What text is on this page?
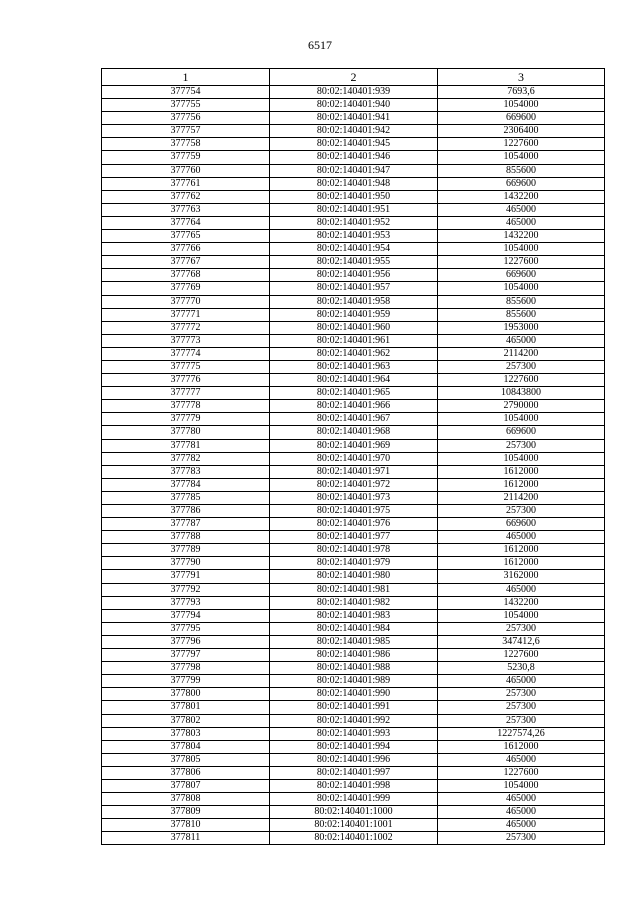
6517
1	2	3
377754	80:02:140401:939	7693,6
377755	80:02:140401:940	1054000
377756	80:02:140401:941	669600
377757	80:02:140401:942	2306400
377758	80:02:140401:945	1227600
377759	80:02:140401:946	1054000
377760	80:02:140401:947	855600
377761	80:02:140401:948	669600
377762	80:02:140401:950	1432200
377763	80:02:140401:951	465000
377764	80:02:140401:952	465000
377765	80:02:140401:953	1432200
377766	80:02:140401:954	1054000
377767	80:02:140401:955	1227600
377768	80:02:140401:956	669600
377769	80:02:140401:957	1054000
377770	80:02:140401:958	855600
377771	80:02:140401:959	855600
377772	80:02:140401:960	1953000
377773	80:02:140401:961	465000
377774	80:02:140401:962	2114200
377775	80:02:140401:963	257300
377776	80:02:140401:964	1227600
377777	80:02:140401:965	10843800
377778	80:02:140401:966	2790000
377779	80:02:140401:967	1054000
377780	80:02:140401:968	669600
377781	80:02:140401:969	257300
377782	80:02:140401:970	1054000
377783	80:02:140401:971	1612000
377784	80:02:140401:972	1612000
377785	80:02:140401:973	2114200
377786	80:02:140401:975	257300
377787	80:02:140401:976	669600
377788	80:02:140401:977	465000
377789	80:02:140401:978	1612000
377790	80:02:140401:979	1612000
377791	80:02:140401:980	3162000
377792	80:02:140401:981	465000
377793	80:02:140401:982	1432200
377794	80:02:140401:983	1054000
377795	80:02:140401:984	257300
377796	80:02:140401:985	347412,6
377797	80:02:140401:986	1227600
377798	80:02:140401:988	5230,8
377799	80:02:140401:989	465000
377800	80:02:140401:990	257300
377801	80:02:140401:991	257300
377802	80:02:140401:992	257300
377803	80:02:140401:993	1227574,26
377804	80:02:140401:994	1612000
377805	80:02:140401:996	465000
377806	80:02:140401:997	1227600
377807	80:02:140401:998	1054000
377808	80:02:140401:999	465000
377809	80:02:140401:1000	465000
377810	80:02:140401:1001	465000
377811	80:02:140401:1002	257300
